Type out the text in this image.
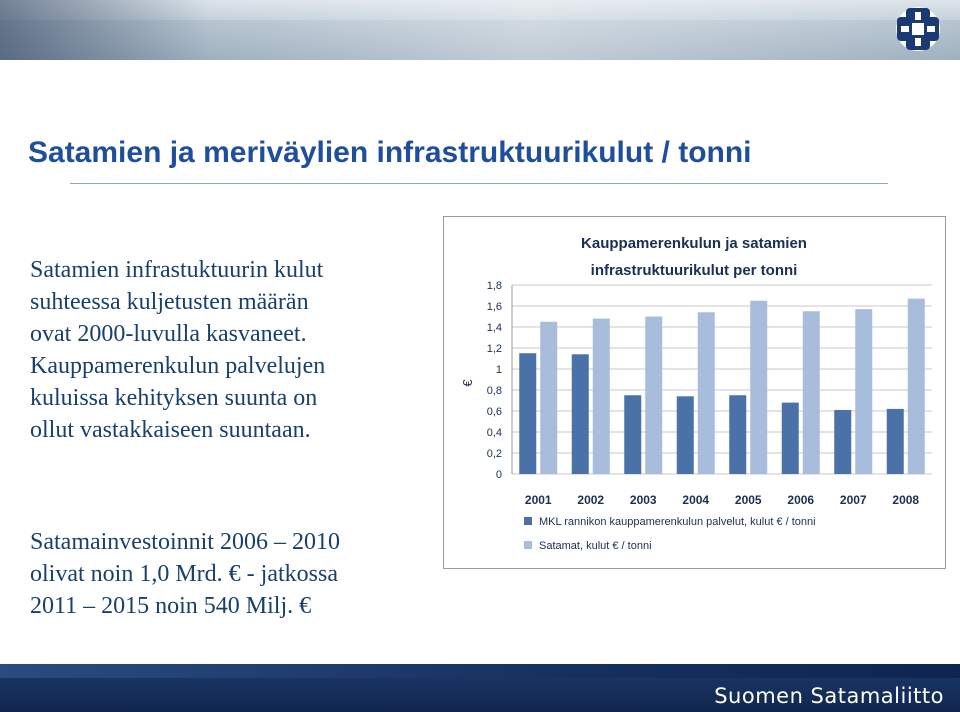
Satamien ja meriväylien infrastruktuurikulut / tonni

Satamien infrastuktuurin kulut
suhteessa kuljetusten määrän
ovat 2000-luvulla kasvaneet.
Kauppamerenkulun palvelujen
kuluissa kehityksen suunta on
ollut vastakkaiseen suuntaan.

Satamainvestoinnit 2006 – 2010
olivat noin 1,0 Mrd. € - jatkossa
2011 – 2015 noin 540 Milj. €

Kauppamerenkulun ja satamien
infrastruktuurikulut per tonni
€
0
0,2
0,4
0,6
0,8
1
1,2
1,4
1,6
1,8
2001 2002 2003 2004 2005 2006 2007 2008
MKL rannikon kauppamerenkulun palvelut, kulut € / tonni
Satamat, kulut € / tonni
Suomen Satamaliitto
